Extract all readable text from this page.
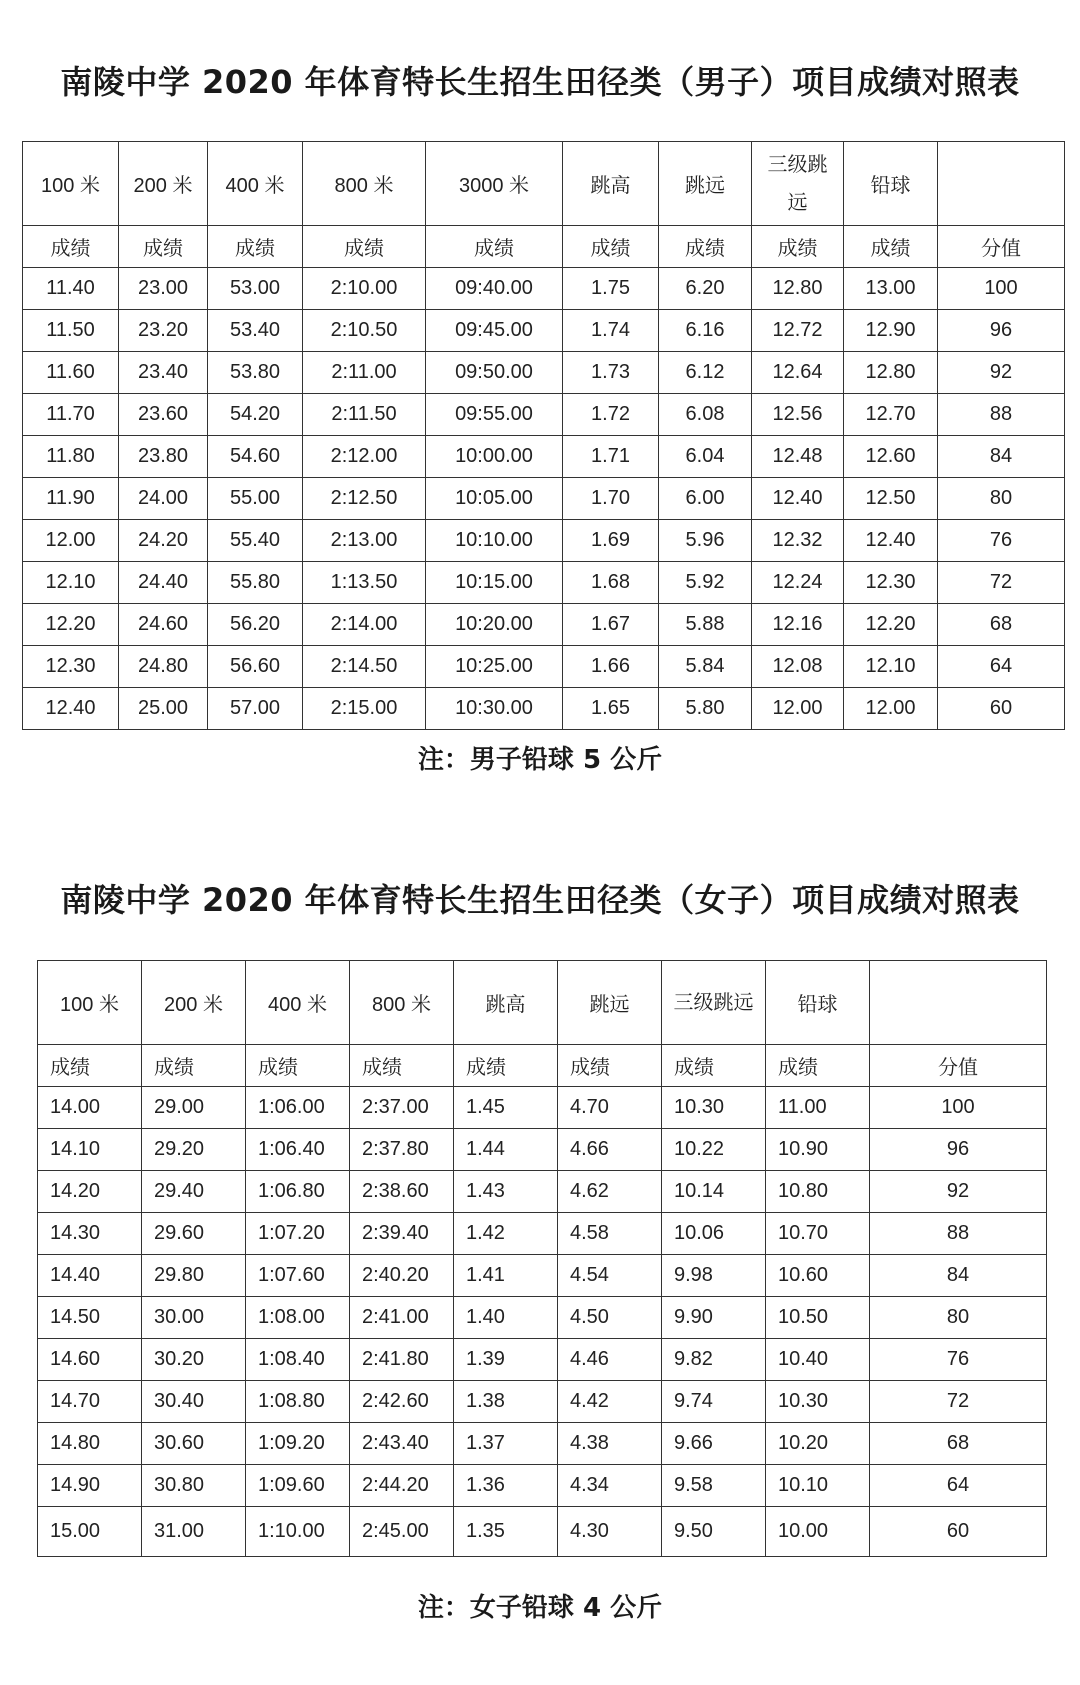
南陵中学 2020 年体育特长生招生田径类（男子）项目成绩对照表
100 米	200 米	400 米	800 米	3000 米	跳高	跳远	三级跳远	铅球	
成绩	成绩	成绩	成绩	成绩	成绩	成绩	成绩	成绩	分值
11.40	23.00	53.00	2:10.00	09:40.00	1.75	6.20	12.80	13.00	100
11.50	23.20	53.40	2:10.50	09:45.00	1.74	6.16	12.72	12.90	96
11.60	23.40	53.80	2:11.00	09:50.00	1.73	6.12	12.64	12.80	92
11.70	23.60	54.20	2:11.50	09:55.00	1.72	6.08	12.56	12.70	88
11.80	23.80	54.60	2:12.00	10:00.00	1.71	6.04	12.48	12.60	84
11.90	24.00	55.00	2:12.50	10:05.00	1.70	6.00	12.40	12.50	80
12.00	24.20	55.40	2:13.00	10:10.00	1.69	5.96	12.32	12.40	76
12.10	24.40	55.80	1:13.50	10:15.00	1.68	5.92	12.24	12.30	72
12.20	24.60	56.20	2:14.00	10:20.00	1.67	5.88	12.16	12.20	68
12.30	24.80	56.60	2:14.50	10:25.00	1.66	5.84	12.08	12.10	64
12.40	25.00	57.00	2:15.00	10:30.00	1.65	5.80	12.00	12.00	60

注：男子铅球 5 公斤

南陵中学 2020 年体育特长生招生田径类（女子）项目成绩对照表
100 米	200 米	400 米	800 米	跳高	跳远	三级跳远	铅球	
成绩	成绩	成绩	成绩	成绩	成绩	成绩	成绩	分值
14.00	29.00	1:06.00	2:37.00	1.45	4.70	10.30	11.00	100
14.10	29.20	1:06.40	2:37.80	1.44	4.66	10.22	10.90	96
14.20	29.40	1:06.80	2:38.60	1.43	4.62	10.14	10.80	92
14.30	29.60	1:07.20	2:39.40	1.42	4.58	10.06	10.70	88
14.40	29.80	1:07.60	2:40.20	1.41	4.54	9.98	10.60	84
14.50	30.00	1:08.00	2:41.00	1.40	4.50	9.90	10.50	80
14.60	30.20	1:08.40	2:41.80	1.39	4.46	9.82	10.40	76
14.70	30.40	1:08.80	2:42.60	1.38	4.42	9.74	10.30	72
14.80	30.60	1:09.20	2:43.40	1.37	4.38	9.66	10.20	68
14.90	30.80	1:09.60	2:44.20	1.36	4.34	9.58	10.10	64
15.00	31.00	1:10.00	2:45.00	1.35	4.30	9.50	10.00	60

注：女子铅球 4 公斤
